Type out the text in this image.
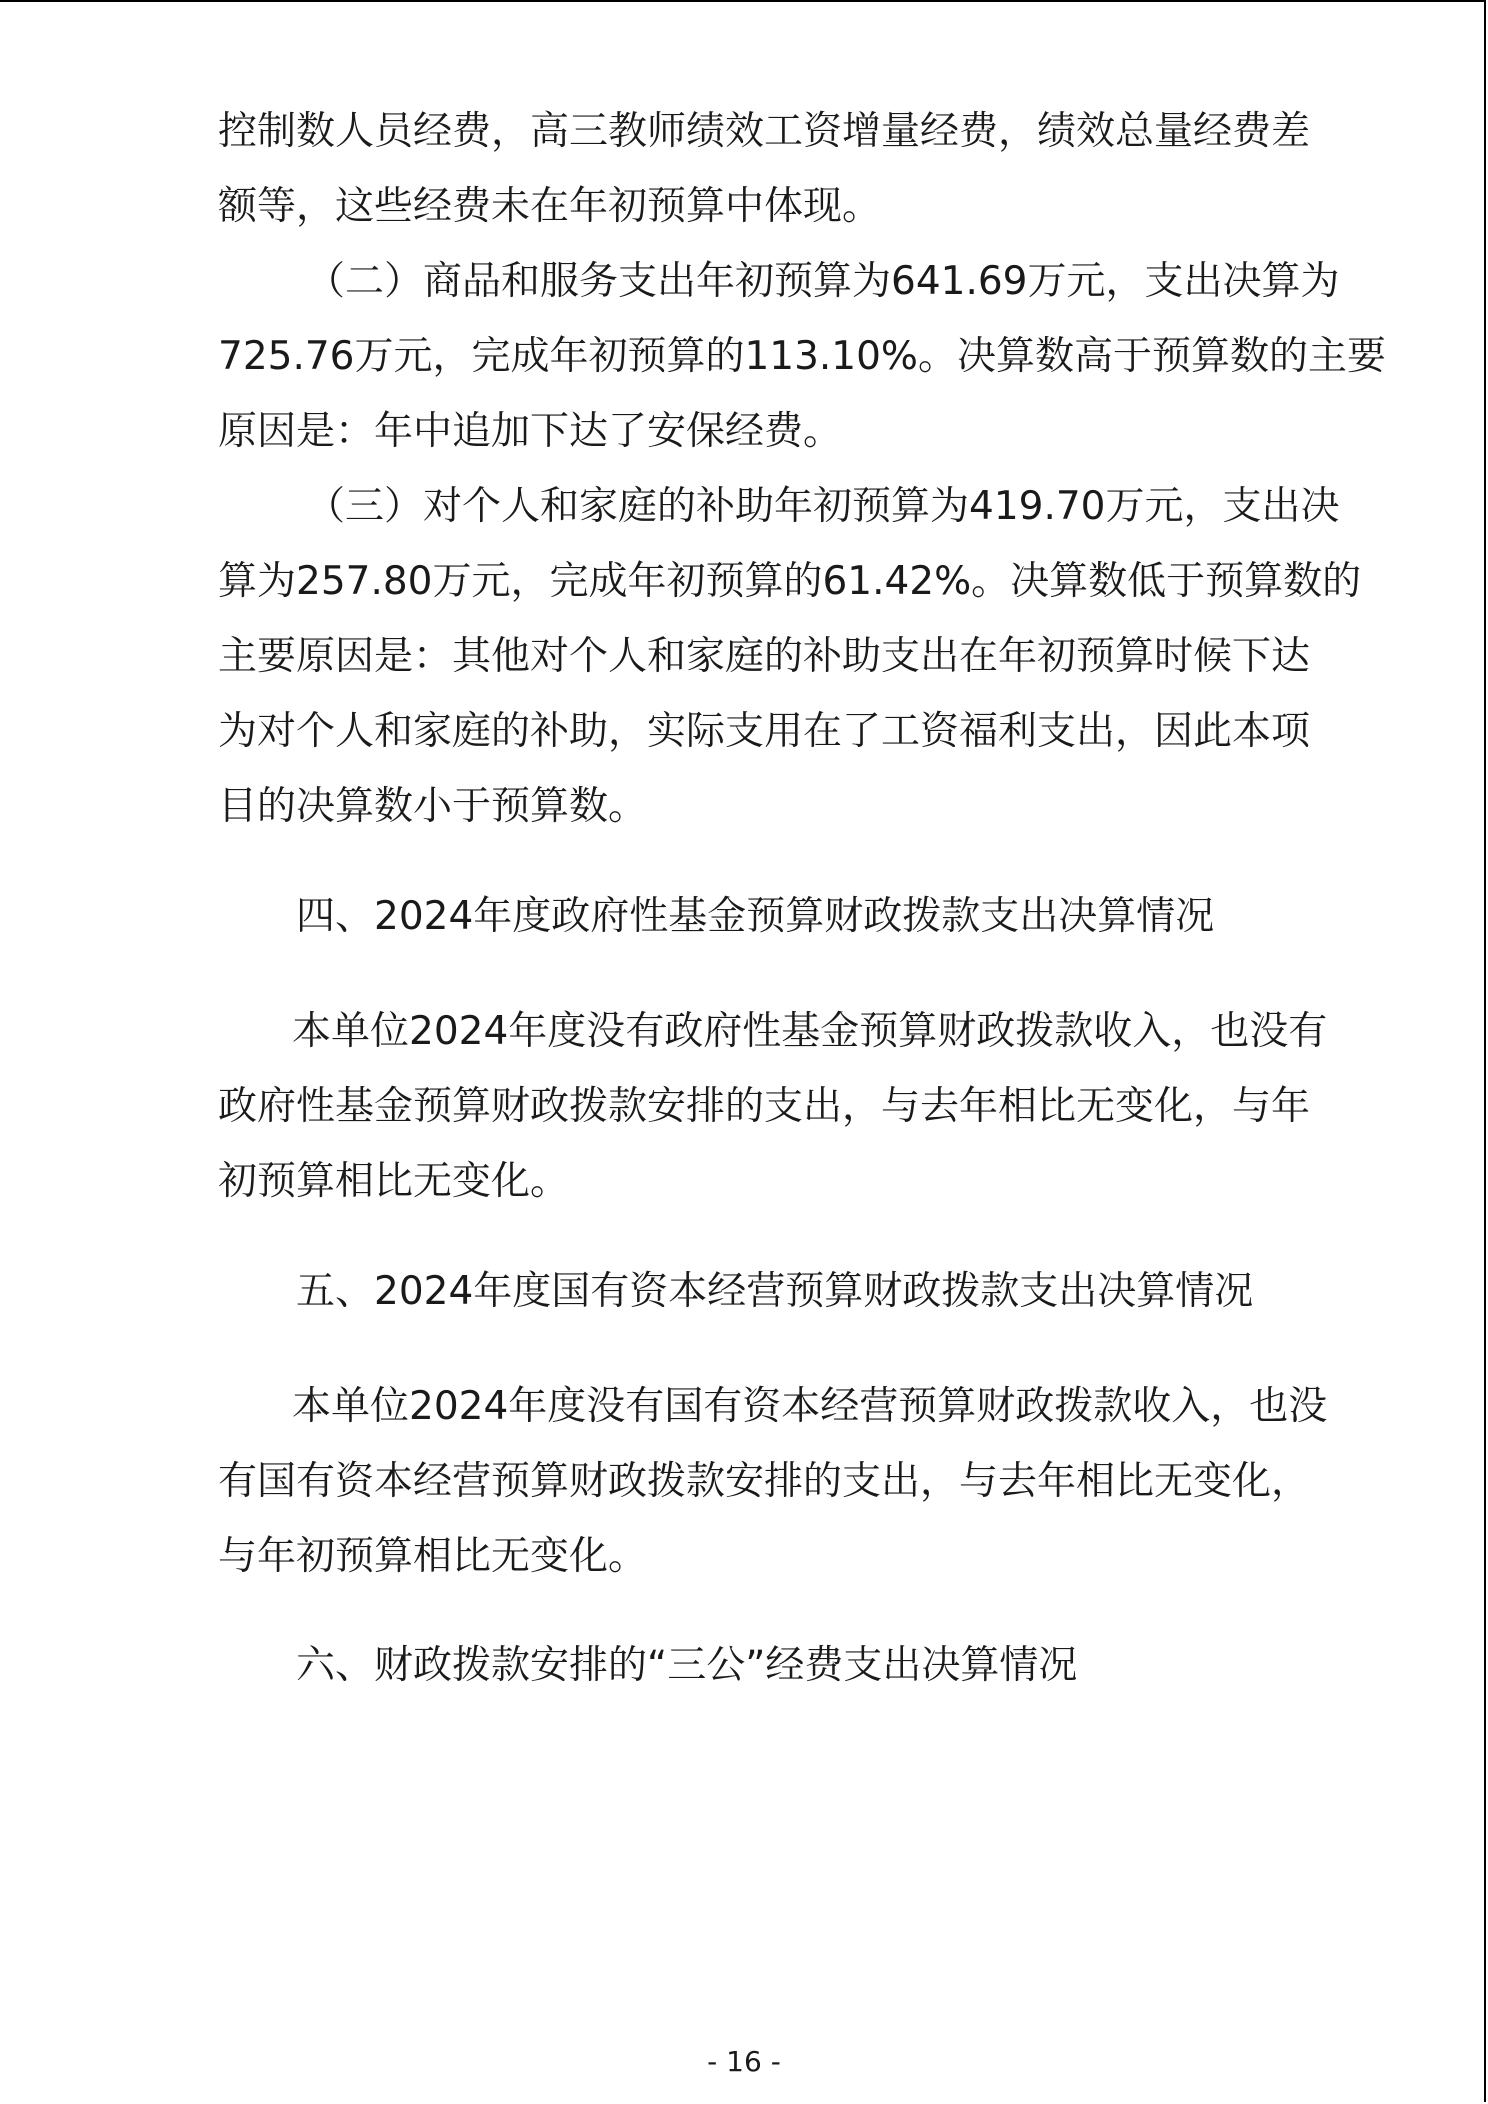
控制数人员经费，高三教师绩效工资增量经费，绩效总量经费差
额等，这些经费未在年初预算中体现。
（二）商品和服务支出年初预算为641.69万元，支出决算为
725.76万元，完成年初预算的113.10%。决算数高于预算数的主要
原因是：年中追加下达了安保经费。
（三）对个人和家庭的补助年初预算为419.70万元，支出决
算为257.80万元，完成年初预算的61.42%。决算数低于预算数的
主要原因是：其他对个人和家庭的补助支出在年初预算时候下达
为对个人和家庭的补助，实际支用在了工资福利支出，因此本项
目的决算数小于预算数。
四、2024年度政府性基金预算财政拨款支出决算情况
本单位2024年度没有政府性基金预算财政拨款收入，也没有
政府性基金预算财政拨款安排的支出，与去年相比无变化，与年
初预算相比无变化。
五、2024年度国有资本经营预算财政拨款支出决算情况
本单位2024年度没有国有资本经营预算财政拨款收入，也没
有国有资本经营预算财政拨款安排的支出，与去年相比无变化，
与年初预算相比无变化。
六、财政拨款安排的“三公”经费支出决算情况
- 16 -
